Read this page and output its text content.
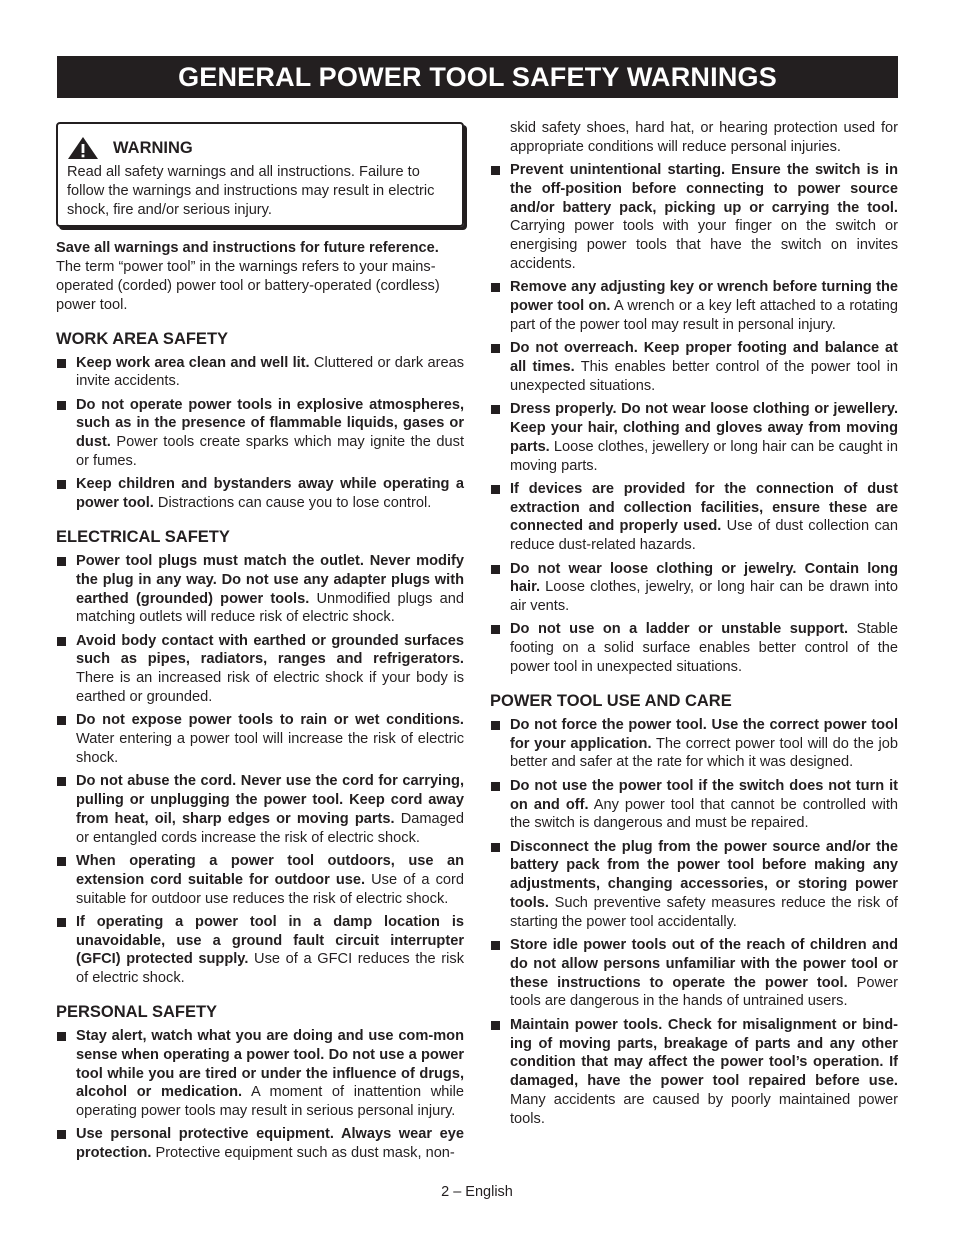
GENERAL POWER TOOL SAFETY WARNINGS
WARNING

Read all safety warnings and all instructions. Failure to follow the warnings and instructions may result in electric shock, fire and/or serious injury.

Save all warnings and instructions for future reference.
The term “power tool” in the warnings refers to your mains-operated (corded) power tool or battery-operated (cordless) power tool.

WORK AREA SAFETY
Keep work area clean and well lit. Cluttered or dark areas invite accidents.
Do not operate power tools in explosive atmospheres, such as in the presence of flammable liquids, gases or dust. Power tools create sparks which may ignite the dust or fumes.
Keep children and bystanders away while operating a power tool. Distractions can cause you to lose control.
ELECTRICAL SAFETY
Power tool plugs must match the outlet. Never modify the plug in any way. Do not use any adapter plugs with earthed (grounded) power tools. Unmodified plugs and matching outlets will reduce risk of electric shock.
Avoid body contact with earthed or grounded surfaces such as pipes, radiators, ranges and refrigerators. There is an increased risk of electric shock if your body is earthed or grounded.
Do not expose power tools to rain or wet conditions. Water entering a power tool will increase the risk of electric shock.
Do not abuse the cord. Never use the cord for carrying, pulling or unplugging the power tool. Keep cord away from heat, oil, sharp edges or moving parts. Damaged or entangled cords increase the risk of electric shock.
When operating a power tool outdoors, use an extension cord suitable for outdoor use. Use of a cord suitable for outdoor use reduces the risk of electric shock.
If operating a power tool in a damp location is unavoidable, use a ground fault circuit interrupter (GFCI) protected supply. Use of a GFCI reduces the risk of electric shock.
PERSONAL SAFETY
Stay alert, watch what you are doing and use com-mon sense when operating a power tool. Do not use a power tool while you are tired or under the influence of drugs, alcohol or medication. A moment of inattention while operating power tools may result in serious personal injury.
Use personal protective equipment. Always wear eye protection. Protective equipment such as dust mask, non-

skid safety shoes, hard hat, or hearing protection used for appropriate conditions will reduce personal injuries.

Prevent unintentional starting. Ensure the switch is in the off-position before connecting to power source and/or battery pack, picking up or carrying the tool. Carrying power tools with your finger on the switch or energising power tools that have the switch on invites accidents.
Remove any adjusting key or wrench before turning the power tool on. A wrench or a key left attached to a rotating part of the power tool may result in personal injury.
Do not overreach. Keep proper footing and balance at all times. This enables better control of the power tool in unexpected situations.
Dress properly. Do not wear loose clothing or jewellery. Keep your hair, clothing and gloves away from moving parts. Loose clothes, jewellery or long hair can be caught in moving parts.
If devices are provided for the connection of dust extraction and collection facilities, ensure these are connected and properly used. Use of dust collection can reduce dust-related hazards.
Do not wear loose clothing or jewelry. Contain long hair. Loose clothes, jewelry, or long hair can be drawn into air vents.
Do not use on a ladder or unstable support. Stable footing on a solid surface enables better control of the power tool in unexpected situations.
POWER TOOL USE AND CARE
Do not force the power tool. Use the correct power tool for your application. The correct power tool will do the job better and safer at the rate for which it was designed.
Do not use the power tool if the switch does not turn it on and off. Any power tool that cannot be controlled with the switch is dangerous and must be repaired.
Disconnect the plug from the power source and/or the battery pack from the power tool before making any adjustments, changing accessories, or storing power tools. Such preventive safety measures reduce the risk of starting the power tool accidentally.
Store idle power tools out of the reach of children and do not allow persons unfamiliar with the power tool or these instructions to operate the power tool. Power tools are dangerous in the hands of untrained users.
Maintain power tools. Check for misalignment or bind-ing of moving parts, breakage of parts and any other condition that may affect the power tool’s operation. If damaged, have the power tool repaired before use. Many accidents are caused by poorly maintained power tools.
2 – English
